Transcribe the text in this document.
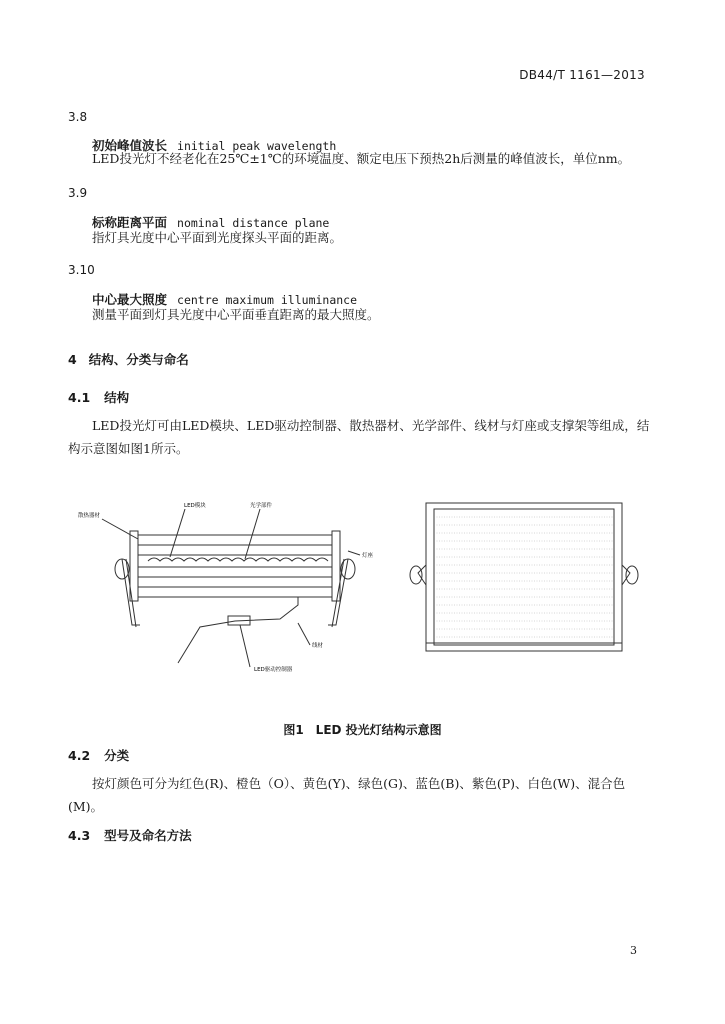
DB44/T 1161—2013
3.8
初始峰值波长 initial peak wavelength
LED投光灯不经老化在25℃±1℃的环境温度、额定电压下预热2h后测量的峰值波长，单位nm。
3.9
标称距离平面 nominal distance plane
指灯具光度中心平面到光度探头平面的距离。
3.10
中心最大照度 centre maximum illuminance
测量平面到灯具光度中心平面垂直距离的最大照度。
4 结构、分类与命名
4.1 结构
LED投光灯可由LED模块、LED驱动控制器、散热器材、光学部件、线材与灯座或支撑架等组成，结
构示意图如图1所示。
散热器材
LED模块	光学部件
灯座
线材
LED驱动控制器
图1　LED 投光灯结构示意图
4.2 分类
按灯颜色可分为红色(R)、橙色（O）、黄色(Y)、绿色(G)、蓝色(B)、紫色(P)、白色(W)、混合色
(M)。
4.3 型号及命名方法
3
